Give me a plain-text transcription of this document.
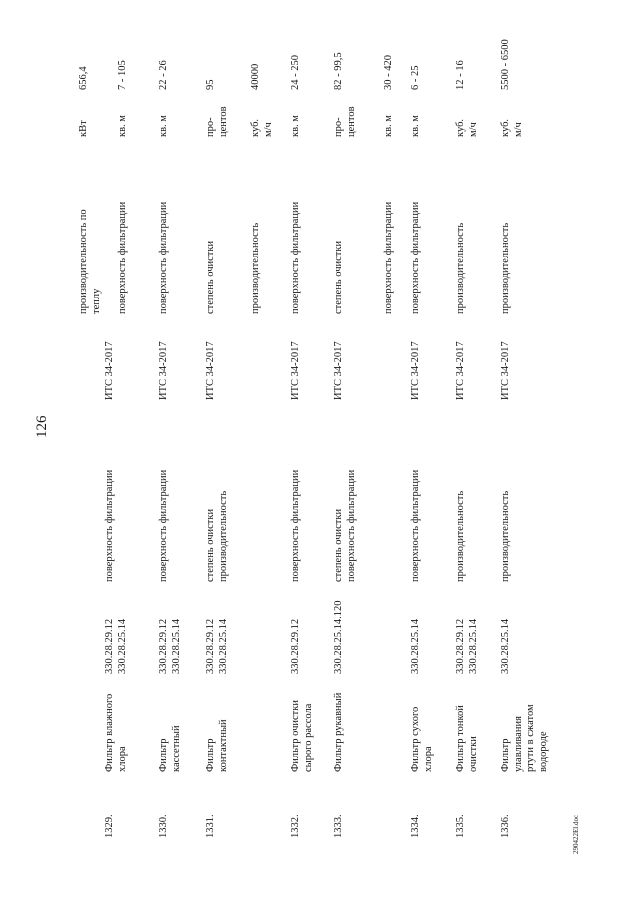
126
1329.
Фильтр влажного хлора
330.28.29.12 330.28.25.14
поверхность фильтрации
ИТС 34-2017
производительность по теплу
кВт
656,4
поверхность фильтрации
кв. м
7 - 105
1330.
Фильтр кассетный
330.28.29.12 330.28.25.14
поверхность фильтрации
ИТС 34-2017
поверхность фильтрации
кв. м
22 - 26
1331.
Фильтр контактный
330.28.29.12 330.28.25.14
степень очистки производительность
ИТС 34-2017
степень очистки
про- центов
95
производительность
куб. м/ч
40000
1332.
Фильтр очистки сырого рассола
330.28.29.12
поверхность фильтрации
ИТС 34-2017
поверхность фильтрации
кв. м
24 - 250
1333.
Фильтр рукавный
330.28.25.14.120
степень очистки поверхность фильтрации
ИТС 34-2017
степень очистки
про- центов
82 - 99,5
поверхность фильтрации
кв. м
30 - 420
1334.
Фильтр сухого хлора
330.28.25.14
поверхность фильтрации
ИТС 34-2017
поверхность фильтрации
кв. м
6 - 25
1335.
Фильтр тонкой очистки
330.28.29.12 330.28.25.14
производительность
ИТС 34-2017
производительность
куб. м/ч
12 - 16
1336.
Фильтр улавливания ртути в сжатом водороде
330.28.25.14
производительность
ИТС 34-2017
производительность
куб. м/ч
5500 - 6500
290422El.doc
